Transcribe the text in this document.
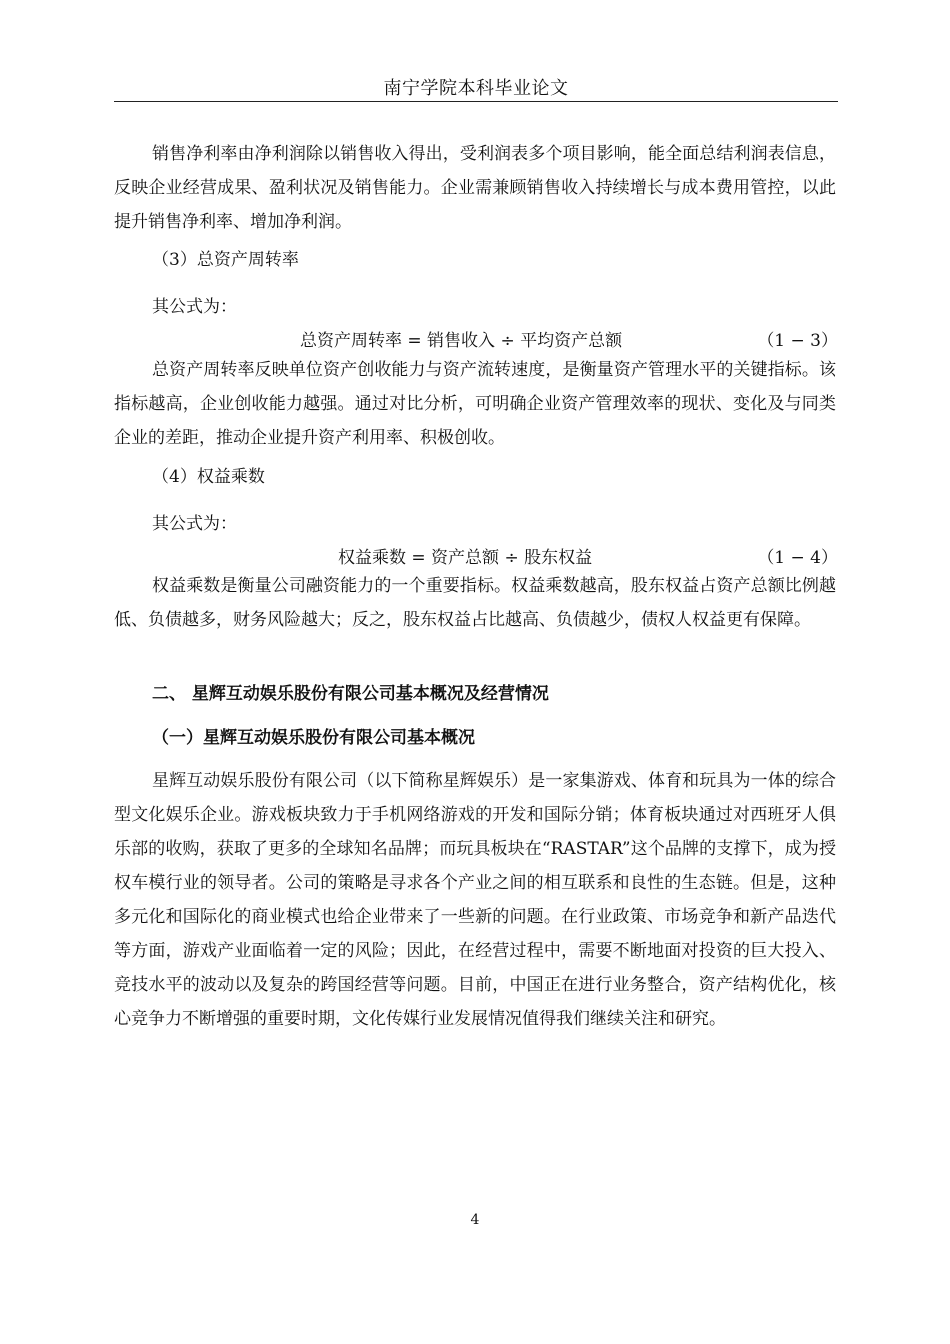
南宁学院本科毕业论文
销售净利率由净利润除以销售收入得出，受利润表多个项目影响，能全面总结利润表信息，反映企业经营成果、盈利状况及销售能力。企业需兼顾销售收入持续增长与成本费用管控，以此提升销售净利率、增加净利润。
（3）总资产周转率
其公式为：
总资产周转率 = 销售收入 ÷ 平均资产总额	（1 − 3）
总资产周转率反映单位资产创收能力与资产流转速度，是衡量资产管理水平的关键指标。该指标越高，企业创收能力越强。通过对比分析，可明确企业资产管理效率的现状、变化及与同类企业的差距，推动企业提升资产利用率、积极创收。
（4）权益乘数
其公式为：
权益乘数 = 资产总额 ÷ 股东权益	（1 − 4）
权益乘数是衡量公司融资能力的一个重要指标。权益乘数越高，股东权益占资产总额比例越低、负债越多，财务风险越大；反之，股东权益占比越高、负债越少，债权人权益更有保障。
二、 星辉互动娱乐股份有限公司基本概况及经营情况
（一）星辉互动娱乐股份有限公司基本概况
星辉互动娱乐股份有限公司（以下简称星辉娱乐）是一家集游戏、体育和玩具为一体的综合型文化娱乐企业。游戏板块致力于手机网络游戏的开发和国际分销；体育板块通过对西班牙人俱乐部的收购，获取了更多的全球知名品牌；而玩具板块在“RASTAR”这个品牌的支撑下，成为授权车模行业的领导者。公司的策略是寻求各个产业之间的相互联系和良性的生态链。但是，这种多元化和国际化的商业模式也给企业带来了一些新的问题。在行业政策、市场竞争和新产品迭代等方面，游戏产业面临着一定的风险；因此，在经营过程中，需要不断地面对投资的巨大投入、竞技水平的波动以及复杂的跨国经营等问题。目前，中国正在进行业务整合，资产结构优化，核心竞争力不断增强的重要时期，文化传媒行业发展情况值得我们继续关注和研究。
4
